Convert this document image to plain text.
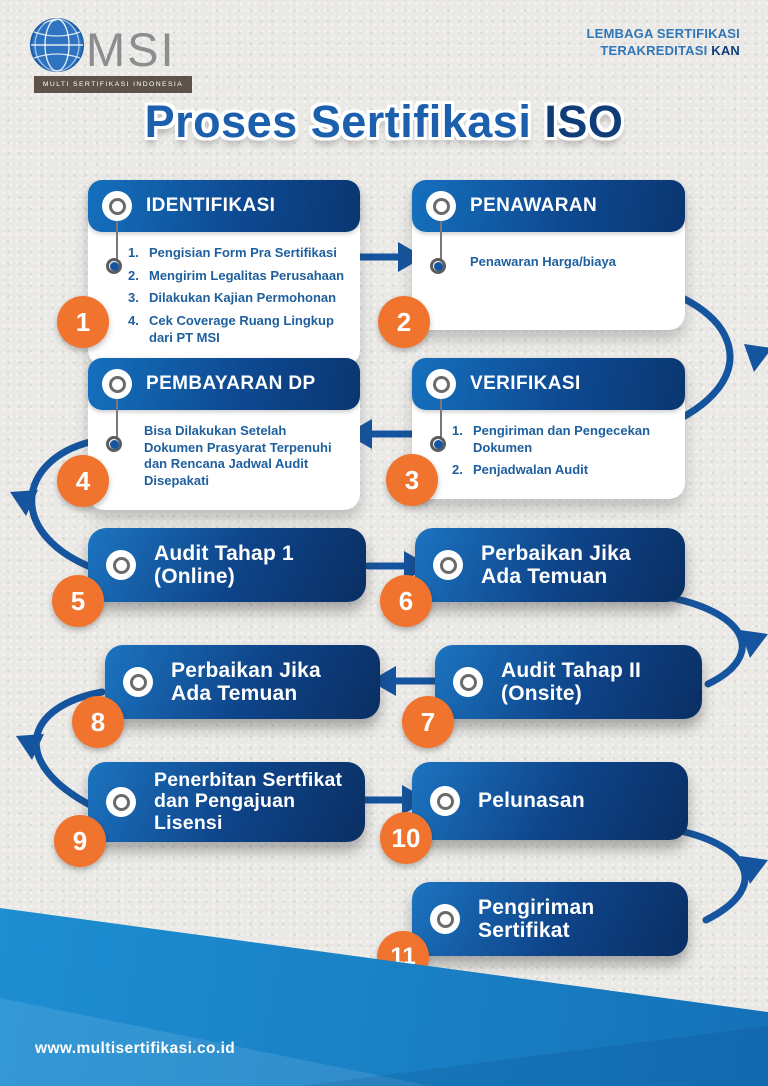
MSI
MULTI SERTIFIKASI INDONESIA
LEMBAGA SERTIFIKASI
TERAKREDITASI KAN
Proses Sertifikasi ISO
IDENTIFIKASI
1. Pengisian Form Pra Sertifikasi
2. Mengirim Legalitas Perusahaan
3. Dilakukan Kajian Permohonan
4. Cek Coverage Ruang Lingkup dari PT MSI
1
PENAWARAN
Penawaran Harga/biaya
2
PEMBAYARAN DP
Bisa Dilakukan Setelah Dokumen Prasyarat Terpenuhi dan Rencana Jadwal Audit Disepakati
4
VERIFIKASI
1. Pengiriman dan Pengecekan Dokumen
2. Penjadwalan Audit
3
Audit Tahap 1 (Online)
5
Perbaikan Jika Ada Temuan
6
Perbaikan Jika Ada Temuan
8
Audit Tahap II (Onsite)
7
Penerbitan Sertfikat dan Pengajuan Lisensi
9
Pelunasan
10
Pengiriman Sertifikat
11
www.multisertifikasi.co.id
